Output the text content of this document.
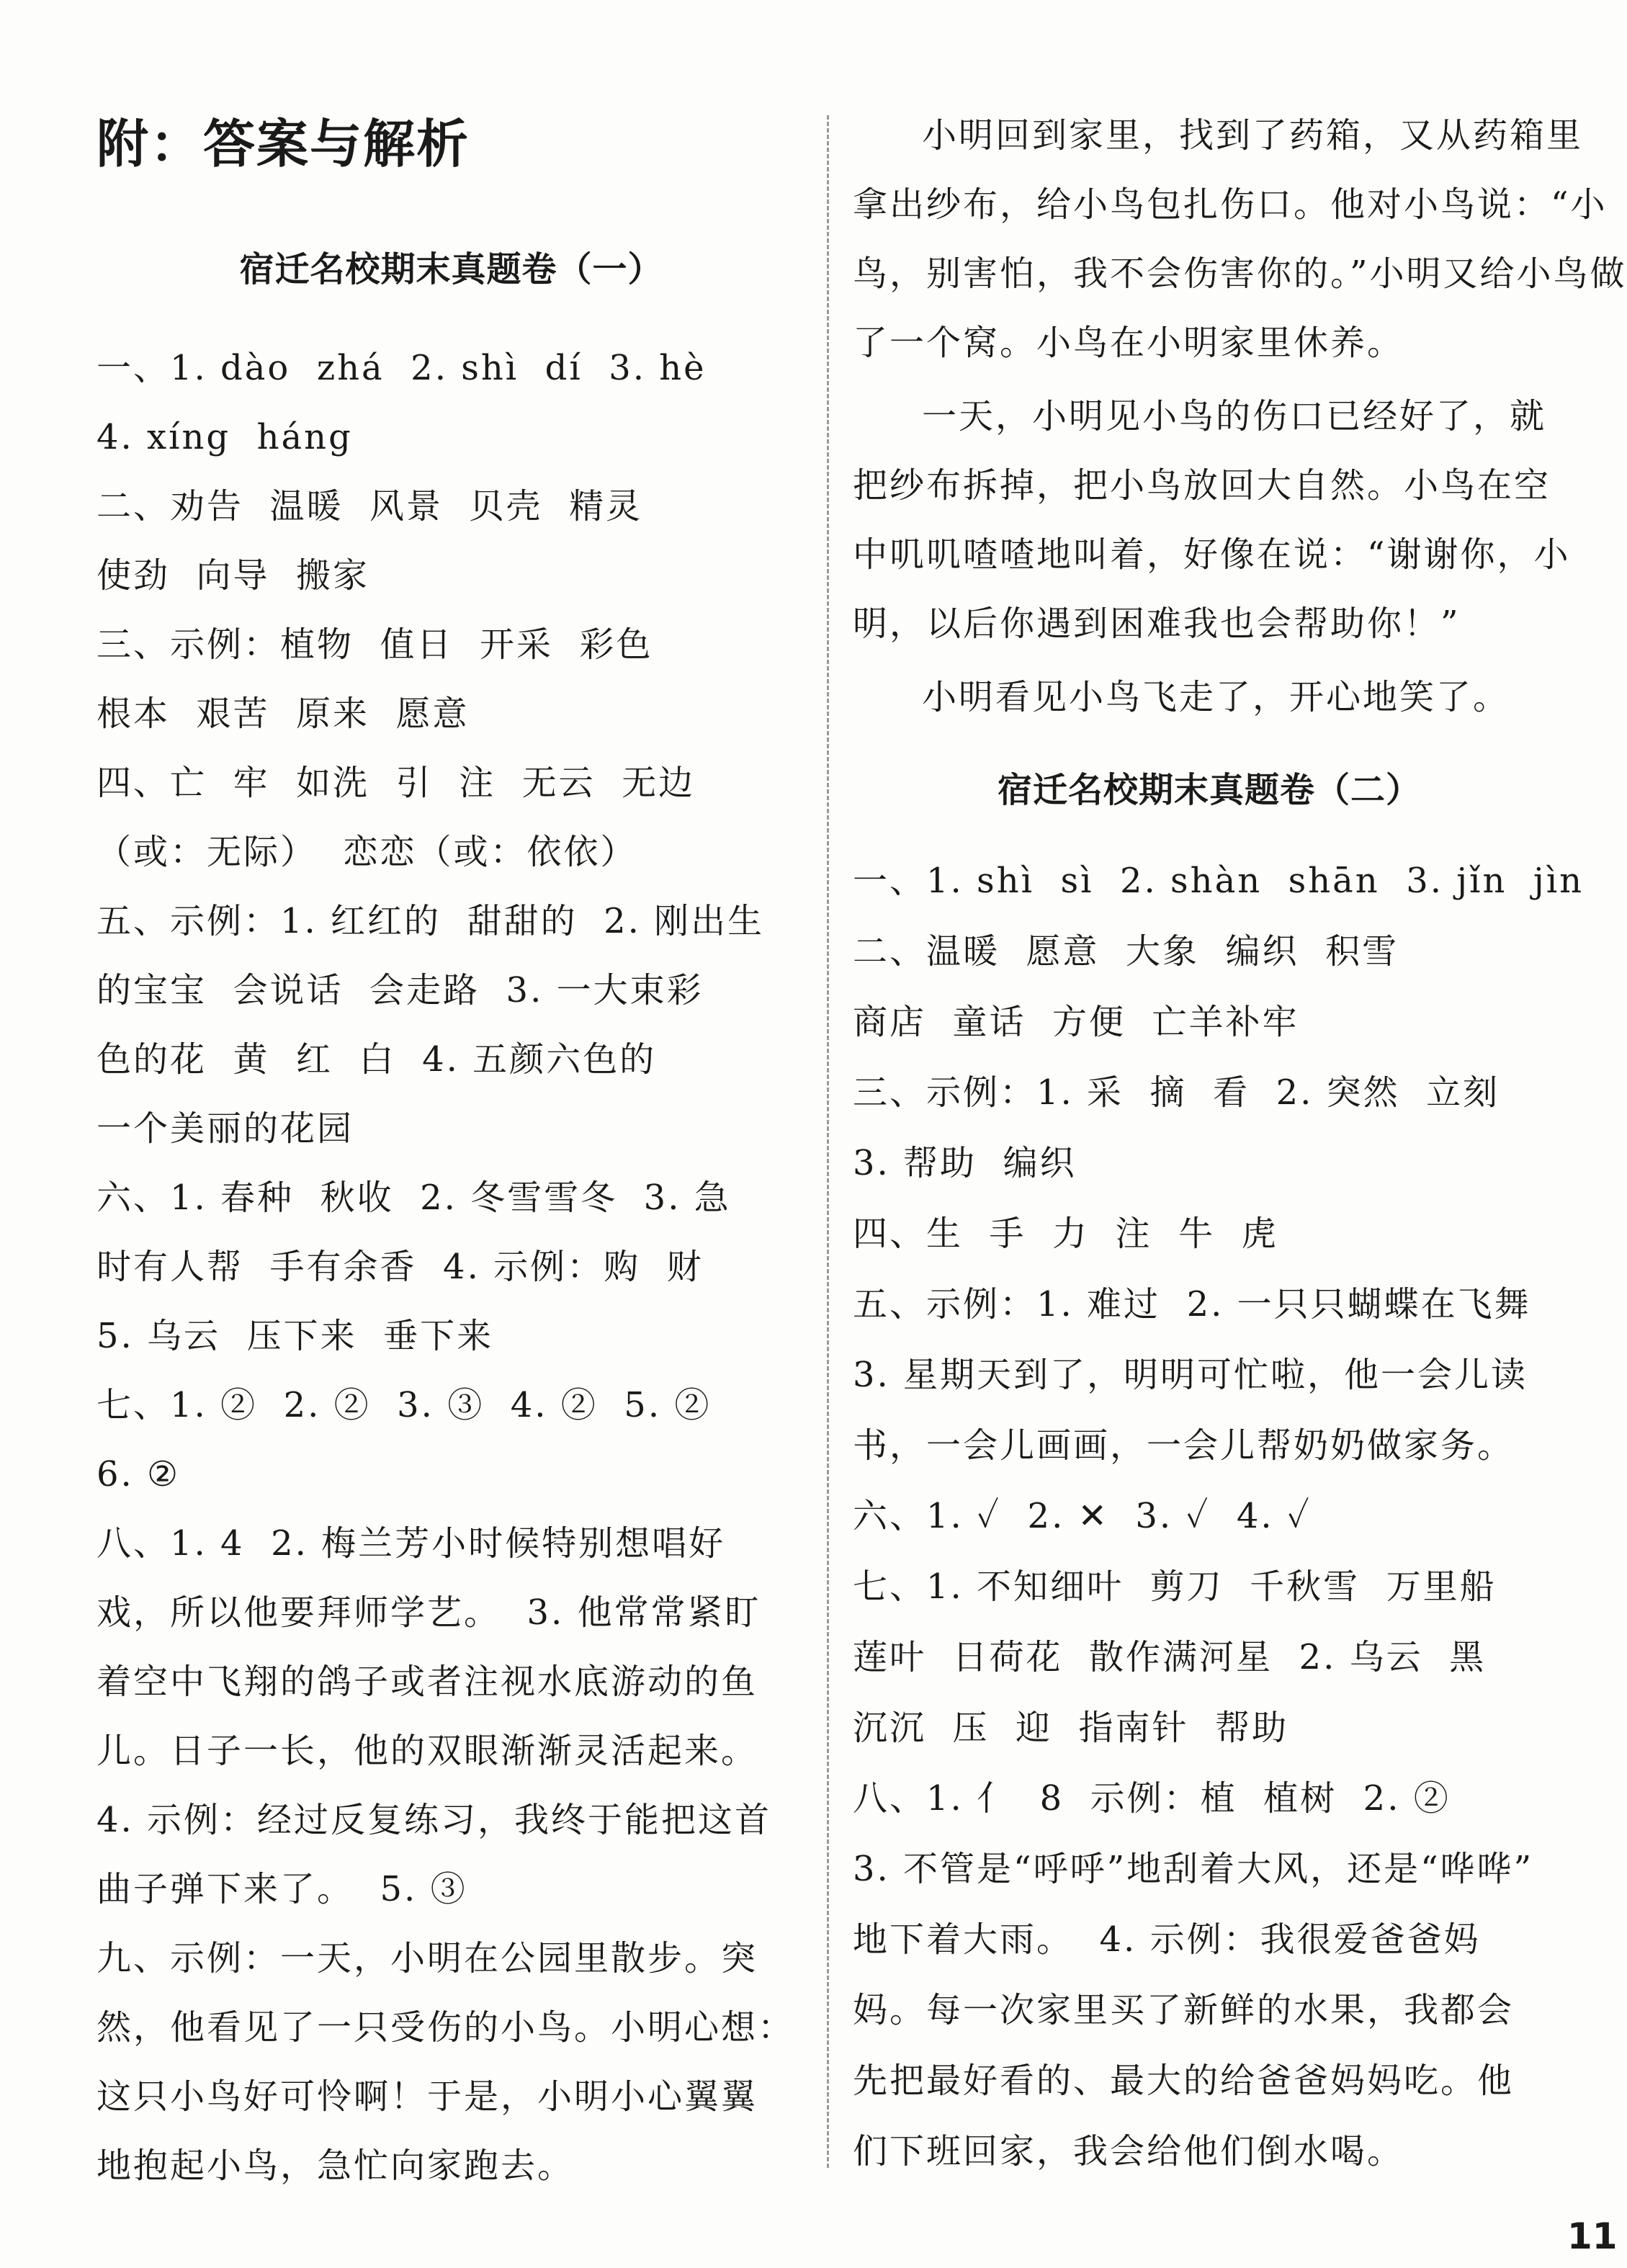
附：答案与解析
宿迁名校期末真题卷（一）
一、1. dào  zhá  2. shì  dí  3. hè
4. xíng  háng
二、劝告  温暖  风景  贝壳  精灵
使劲  向导  搬家
三、示例：植物  值日  开采  彩色
根本  艰苦  原来  愿意
四、亡  牢  如洗  引  注  无云  无边
（或：无际）  恋恋（或：依依）
五、示例：1. 红红的  甜甜的  2. 刚出生
的宝宝  会说话  会走路  3. 一大束彩
色的花  黄  红  白  4. 五颜六色的
一个美丽的花园
六、1. 春种  秋收  2. 冬雪雪冬  3. 急
时有人帮  手有余香  4. 示例：购  财
5. 乌云  压下来  垂下来
七、1. ②  2. ②  3. ③  4. ②  5. ②
6. ②
八、1. 4  2. 梅兰芳小时候特别想唱好
戏，所以他要拜师学艺。  3. 他常常紧盯
着空中飞翔的鸽子或者注视水底游动的鱼
儿。日子一长，他的双眼渐渐灵活起来。
4. 示例：经过反复练习，我终于能把这首
曲子弹下来了。  5. ③
九、示例：一天，小明在公园里散步。突
然，他看见了一只受伤的小鸟。小明心想：
这只小鸟好可怜啊！于是，小明小心翼翼
地抱起小鸟，急忙向家跑去。
小明回到家里，找到了药箱，又从药箱里
拿出纱布，给小鸟包扎伤口。他对小鸟说：“小
鸟，别害怕，我不会伤害你的。”小明又给小鸟做
了一个窝。小鸟在小明家里休养。
一天，小明见小鸟的伤口已经好了，就
把纱布拆掉，把小鸟放回大自然。小鸟在空
中叽叽喳喳地叫着，好像在说：“谢谢你，小
明，以后你遇到困难我也会帮助你！”
小明看见小鸟飞走了，开心地笑了。
宿迁名校期末真题卷（二）
一、1. shì  sì  2. shàn  shān  3. jǐn  jìn
二、温暖  愿意  大象  编织  积雪
商店  童话  方便  亡羊补牢
三、示例：1. 采  摘  看  2. 突然  立刻
3. 帮助  编织
四、生  手  力  注  牛  虎
五、示例：1. 难过  2. 一只只蝴蝶在飞舞
3. 星期天到了，明明可忙啦，他一会儿读
书，一会儿画画，一会儿帮奶奶做家务。
六、1. ✓  2. ✕  3. ✓  4. ✓
七、1. 不知细叶  剪刀  千秋雪  万里船
莲叶  日荷花  散作满河星  2. 乌云  黑
沉沉  压  迎  指南针  帮助
八、1. 亻  8  示例：植  植树  2. ②
3. 不管是“呼呼”地刮着大风，还是“哗哗”
地下着大雨。  4. 示例：我很爱爸爸妈
妈。每一次家里买了新鲜的水果，我都会
先把最好看的、最大的给爸爸妈妈吃。他
们下班回家，我会给他们倒水喝。
11
